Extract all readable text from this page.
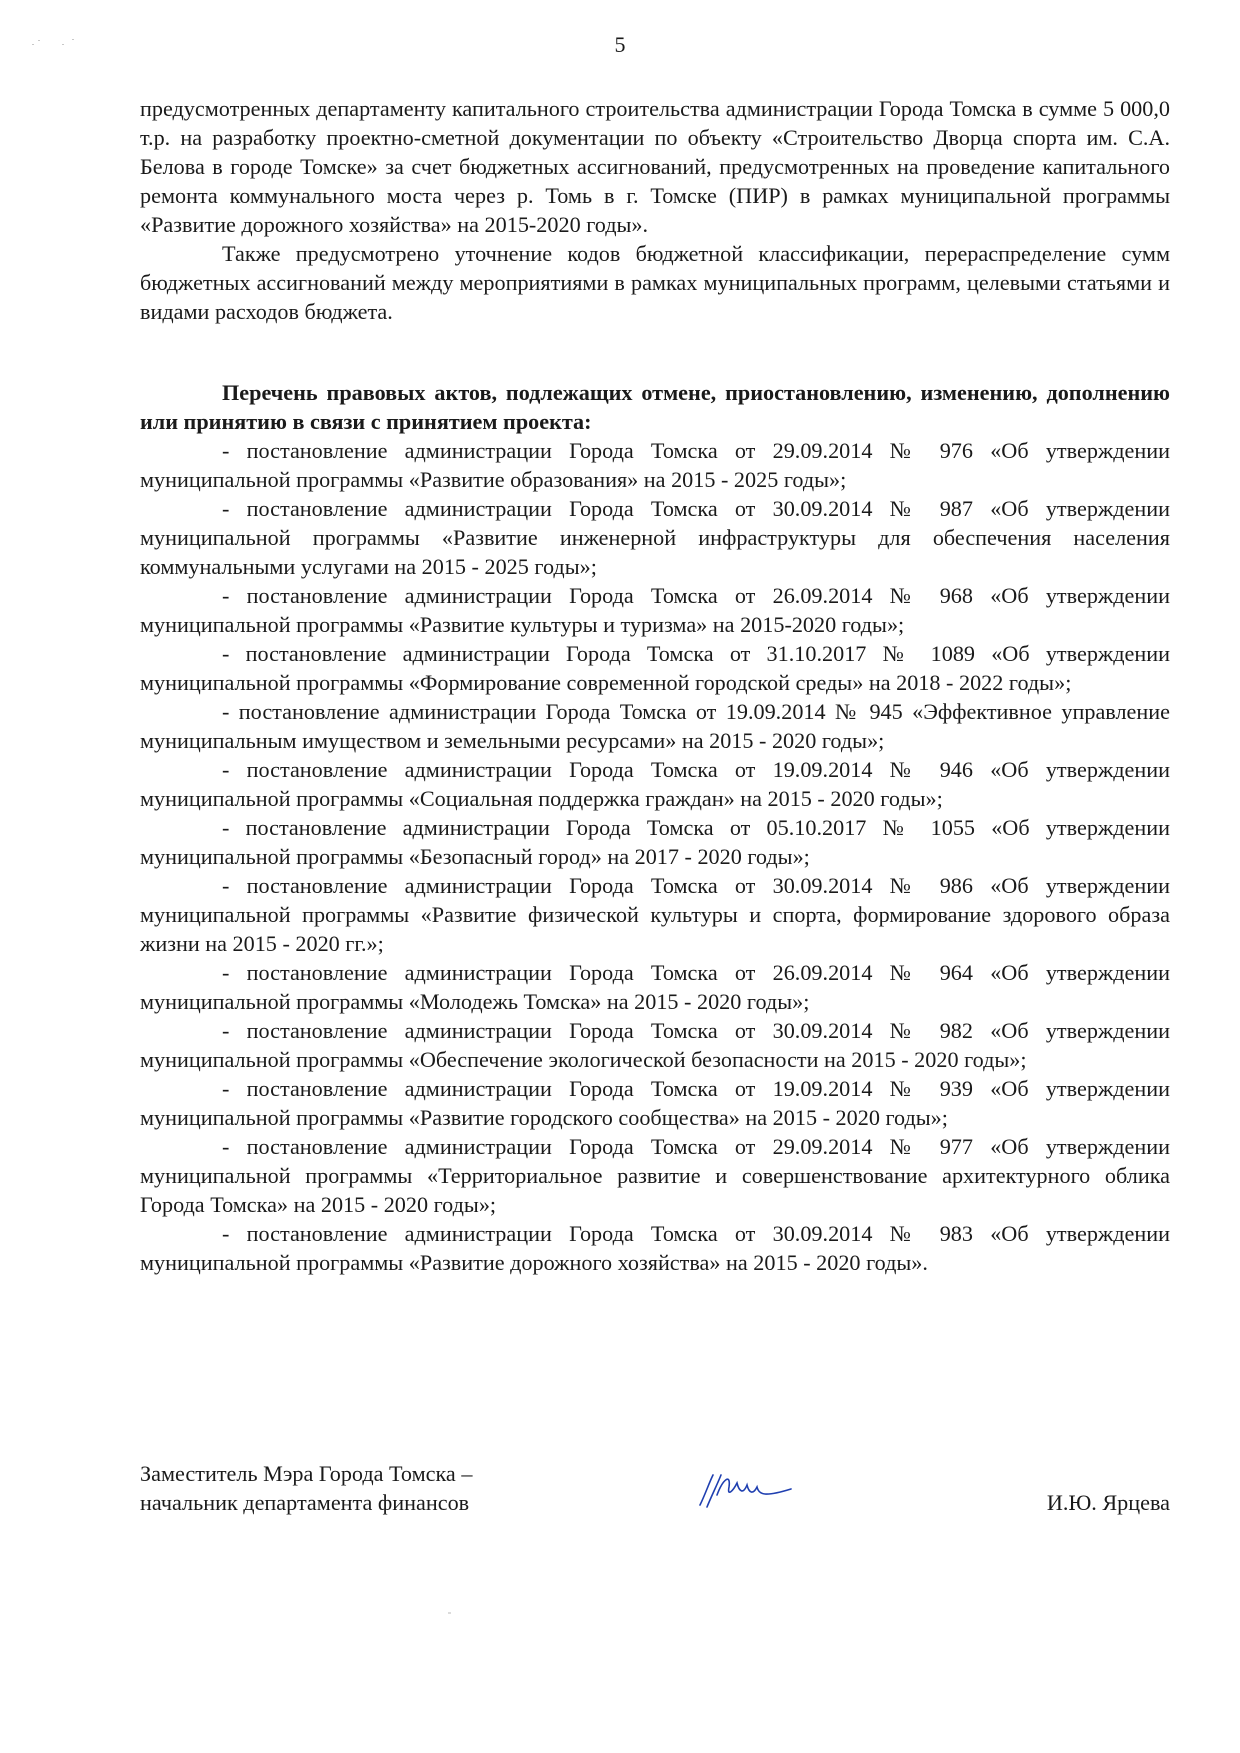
5

предусмотренных департаменту капитального строительства администрации Города Томска в сумме 5 000,0 т.р. на разработку проектно-сметной документации по объекту «Строительство Дворца спорта им. С.А. Белова в городе Томске» за счет бюджетных ассигнований, предусмотренных на проведение капитального ремонта коммунального моста через р. Томь в г. Томске (ПИР) в рамках муниципальной программы «Развитие дорожного хозяйства» на 2015-2020 годы».

Также предусмотрено уточнение кодов бюджетной классификации, перераспределение сумм бюджетных ассигнований между мероприятиями в рамках муниципальных программ, целевыми статьями и видами расходов бюджета.

Перечень правовых актов, подлежащих отмене, приостановлению, изменению, дополнению или принятию в связи с принятием проекта:

- постановление администрации Города Томска от 29.09.2014 № 976 «Об утверждении муниципальной программы «Развитие образования» на 2015 - 2025 годы»;

- постановление администрации Города Томска от 30.09.2014 № 987 «Об утверждении муниципальной программы «Развитие инженерной инфраструктуры для обеспечения населения коммунальными услугами на 2015 - 2025 годы»;

- постановление администрации Города Томска от 26.09.2014 № 968 «Об утверждении муниципальной программы «Развитие культуры и туризма» на 2015-2020 годы»;

- постановление администрации Города Томска от 31.10.2017 № 1089 «Об утверждении муниципальной программы «Формирование современной городской среды» на 2018 - 2022 годы»;

- постановление администрации Города Томска от 19.09.2014 № 945 «Эффективное управление муниципальным имуществом и земельными ресурсами» на 2015 - 2020 годы»;

- постановление администрации Города Томска от 19.09.2014 № 946 «Об утверждении муниципальной программы «Социальная поддержка граждан» на 2015 - 2020 годы»;

- постановление администрации Города Томска от 05.10.2017 № 1055 «Об утверждении муниципальной программы «Безопасный город» на 2017 - 2020 годы»;

- постановление администрации Города Томска от 30.09.2014 № 986 «Об утверждении муниципальной программы «Развитие физической культуры и спорта, формирование здорового образа жизни на 2015 - 2020 гг.»;

- постановление администрации Города Томска от 26.09.2014 № 964 «Об утверждении муниципальной программы «Молодежь Томска» на 2015 - 2020 годы»;

- постановление администрации Города Томска от 30.09.2014 № 982 «Об утверждении муниципальной программы «Обеспечение экологической безопасности на 2015 - 2020 годы»;

- постановление администрации Города Томска от 19.09.2014 № 939 «Об утверждении муниципальной программы «Развитие городского сообщества» на 2015 - 2020 годы»;

- постановление администрации Города Томска от 29.09.2014 № 977 «Об утверждении муниципальной программы «Территориальное развитие и совершенствование архитектурного облика Города Томска» на 2015 - 2020 годы»;

- постановление администрации Города Томска от 30.09.2014 № 983 «Об утверждении муниципальной программы «Развитие дорожного хозяйства» на 2015 - 2020 годы».

Заместитель Мэра Города Томска –
начальник департамента финансов	И.Ю. Ярцева
